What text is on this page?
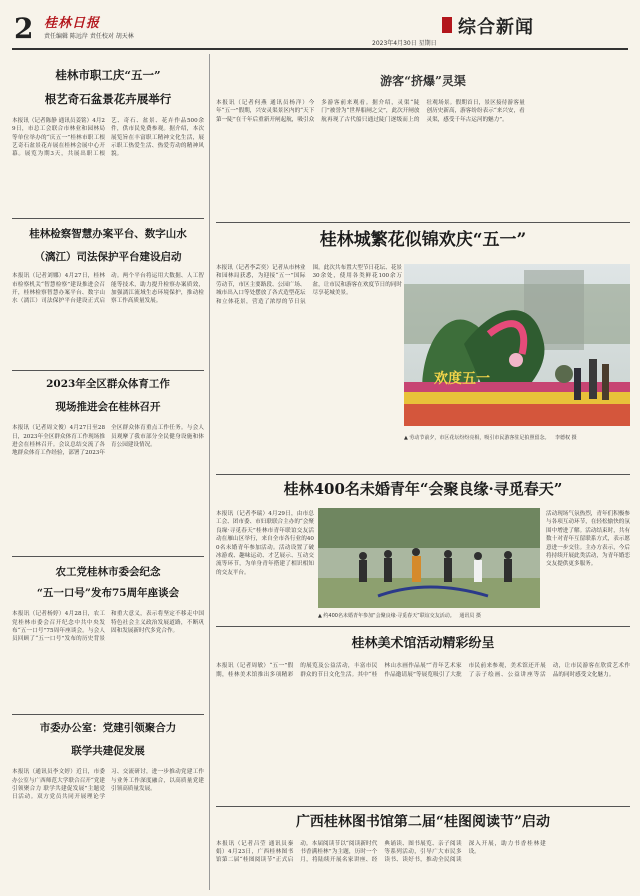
2 桂林日报
责任编辑 陈远岸 责任校对 胡天林
2023年4月30日 星期日
综合新闻
桂林市职工庆“五一”
根艺奇石盆景花卉展举行
本报讯（记者陈静 通讯员姜铭）4月29日，市总工会联合市林业和园林局等单位举办的“庆五一”桂林市职工根艺奇石盆景花卉展在桂林会展中心开幕。展览为期3天，共展出职工根艺、奇石、盆景、花卉作品500余件，供市民免费参观。据介绍，本次展览旨在丰富职工精神文化生活，展示职工热爱生活、热爱劳动的精神风貌。
桂林检察智慧办案平台、数字山水
（漓江）司法保护平台建设启动
本报讯（记者刘娜）4月27日，桂林市检察机关“智慧检察”建设推进会召开，桂林检察智慧办案平台、数字山水（漓江）司法保护平台建设正式启动。两个平台将运用大数据、人工智能等技术，助力提升检察办案质效，加强漓江流域生态环境保护，推动检察工作高质量发展。
2023年全区群众体育工作
现场推进会在桂林召开
本报讯（记者周文俊）4月27日至28日，2023年全区群众体育工作现场推进会在桂林召开。会议总结交流了各地群众体育工作经验，部署了2023年全区群众体育重点工作任务。与会人员观摩了我市部分全民健身设施和体育公园建设情况。
农工党桂林市委会纪念
“五一口号”发布75周年座谈会
本报讯（记者杨婷）4月28日，农工党桂林市委会召开纪念中共中央发布“五一口号”75周年座谈会。与会人员回顾了“五一口号”发布的历史背景和重大意义，表示将坚定不移走中国特色社会主义政治发展道路，不断巩固和发展新时代多党合作。
市委办公室：党建引领聚合力
联学共建促发展
本报讯（通讯员李文婷）近日，市委办公室与广西师范大学联合召开“党建引领聚合力 联学共建促发展”主题党日活动。双方党员共同开展理论学习、交流研讨，进一步推动党建工作与业务工作深度融合，以高质量党建引领高质量发展。
游客“挤爆”灵渠
本报讯（记者何燕 通讯员杨洋）今年“五一”假期，兴安灵渠景区内的“天下第一陡”在千年后重新开闸起航，吸引众多游客前来观看。据介绍，灵渠“陡门”被誉为“世界船闸之父”，此次开闸放航再现了古代船只通过陡门逐级而上的壮观场景。假期首日，景区接待游客量创历史新高，游客纷纷表示“来兴安，看灵渠，感受千年古运河的魅力”。
桂林城繁花似锦欢庆“五一”
本报讯（记者李芸奕）记者从市林业和园林局获悉，为迎接“五一”国际劳动节，市区主要路段、公园广场、城市出入口等处摆放了各式造型花坛和立体花景，营造了浓厚的节日氛围。此次共布置大型节日花坛、花景30余处，使用各类鲜花100余万盆，让市民和游客在欢度节日的同时尽享花城美景。
欢度五一
▲ 劳动节前夕，市区花坛纷纷亮相，吸引市民游客驻足拍照留念。 李德权 摄
桂林400名未婚青年“会聚良缘·寻觅春天”
本报讯（记者李瑞）4月29日，由市总工会、团市委、市妇联联合主办的“会聚良缘·寻觅春天”桂林市青年联谊交友活动在雁山区举行，来自全市各行业的400名未婚青年参加活动。活动设置了破冰游戏、趣味运动、才艺展示、互动交流等环节，为单身青年搭建了相识相知的交友平台。
▲ 约400名未婚青年参加“会聚良缘·寻觅春天”联谊交友活动。 通讯员 摄
活动现场气氛热烈，青年们积极参与各项互动环节，在轻松愉快的氛围中增进了解。活动结束时，共有数十对青年互留联系方式，表示愿意进一步交往。主办方表示，今后将持续开展此类活动，为青年婚恋交友提供更多服务。
桂林美术馆活动精彩纷呈
本报讯（记者周敏）“五一”假期，桂林美术馆推出多项精彩的展览及公益活动，丰富市民群众的节日文化生活。其中“桂林山水画作品展”“青年艺术家作品邀请展”等展览吸引了大批市民前来参观，美术馆还开展了亲子绘画、公益讲座等活动，让市民游客在欣赏艺术作品的同时感受文化魅力。
广西桂林图书馆第二届“桂图阅读节”启动
本报讯（记者吕莹 通讯员秦娟）4月23日，广西桂林图书馆第二届“桂图阅读节”正式启动。本届阅读节以“阅读新时代 书香满桂林”为主题，历时一个月，将陆续开展名家讲座、经典诵读、图书展览、亲子阅读等系列活动，引导广大市民多读书、读好书，推动全民阅读深入开展，助力书香桂林建设。
